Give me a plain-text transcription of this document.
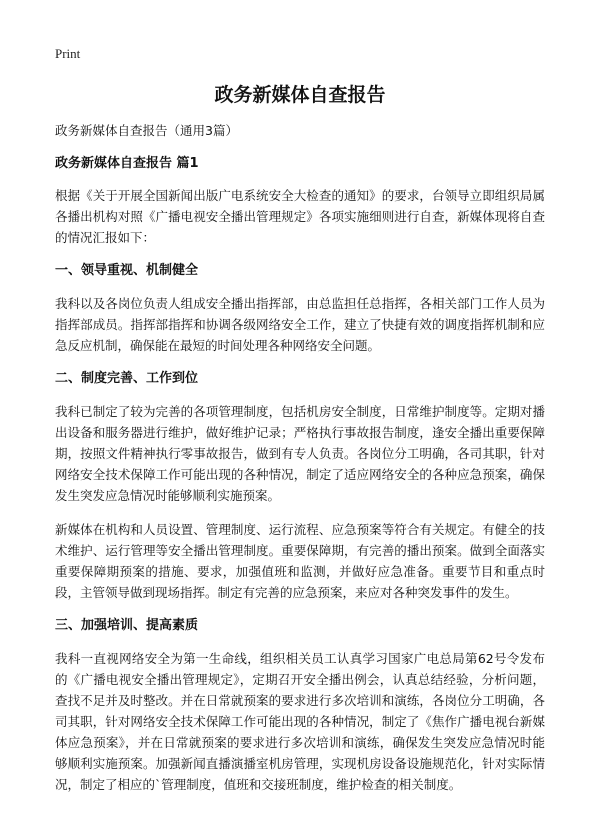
Print
政务新媒体自查报告
政务新媒体自查报告（通用3篇）
政务新媒体自查报告 篇1

根据《关于开展全国新闻出版广电系统安全大检查的通知》的要求，台领导立即组织局属各播出机构对照《广播电视安全播出管理规定》各项实施细则进行自查，新媒体现将自查的情况汇报如下：

一、领导重视、机制健全

我科以及各岗位负责人组成安全播出指挥部，由总监担任总指挥，各相关部门工作人员为指挥部成员。指挥部指挥和协调各级网络安全工作，建立了快捷有效的调度指挥机制和应急反应机制，确保能在最短的时间处理各种网络安全问题。

二、制度完善、工作到位

我科已制定了较为完善的各项管理制度，包括机房安全制度，日常维护制度等。定期对播出设备和服务器进行维护，做好维护记录；严格执行事故报告制度，逢安全播出重要保障期，按照文件精神执行零事故报告，做到有专人负责。各岗位分工明确，各司其职，针对网络安全技术保障工作可能出现的各种情况，制定了适应网络安全的各种应急预案，确保发生突发应急情况时能够顺利实施预案。

新媒体在机构和人员设置、管理制度、运行流程、应急预案等符合有关规定。有健全的技术维护、运行管理等安全播出管理制度。重要保障期，有完善的播出预案。做到全面落实重要保障期预案的措施、要求，加强值班和监测，并做好应急准备。重要节目和重点时段，主管领导做到现场指挥。制定有完善的应急预案，来应对各种突发事件的发生。

三、加强培训、提高素质

我科一直视网络安全为第一生命线，组织相关员工认真学习国家广电总局第62号令发布的《广播电视安全播出管理规定》，定期召开安全播出例会，认真总结经验，分析问题，查找不足并及时整改。并在日常就预案的要求进行多次培训和演练，各岗位分工明确，各司其职，针对网络安全技术保障工作可能出现的各种情况，制定了《焦作广播电视台新媒体应急预案》，并在日常就预案的要求进行多次培训和演练，确保发生突发应急情况时能够顺利实施预案。加强新闻直播演播室机房管理，实现机房设备设施规范化，针对实际情况，制定了相应的`管理制度，值班和交接班制度，维护检查的相关制度。
